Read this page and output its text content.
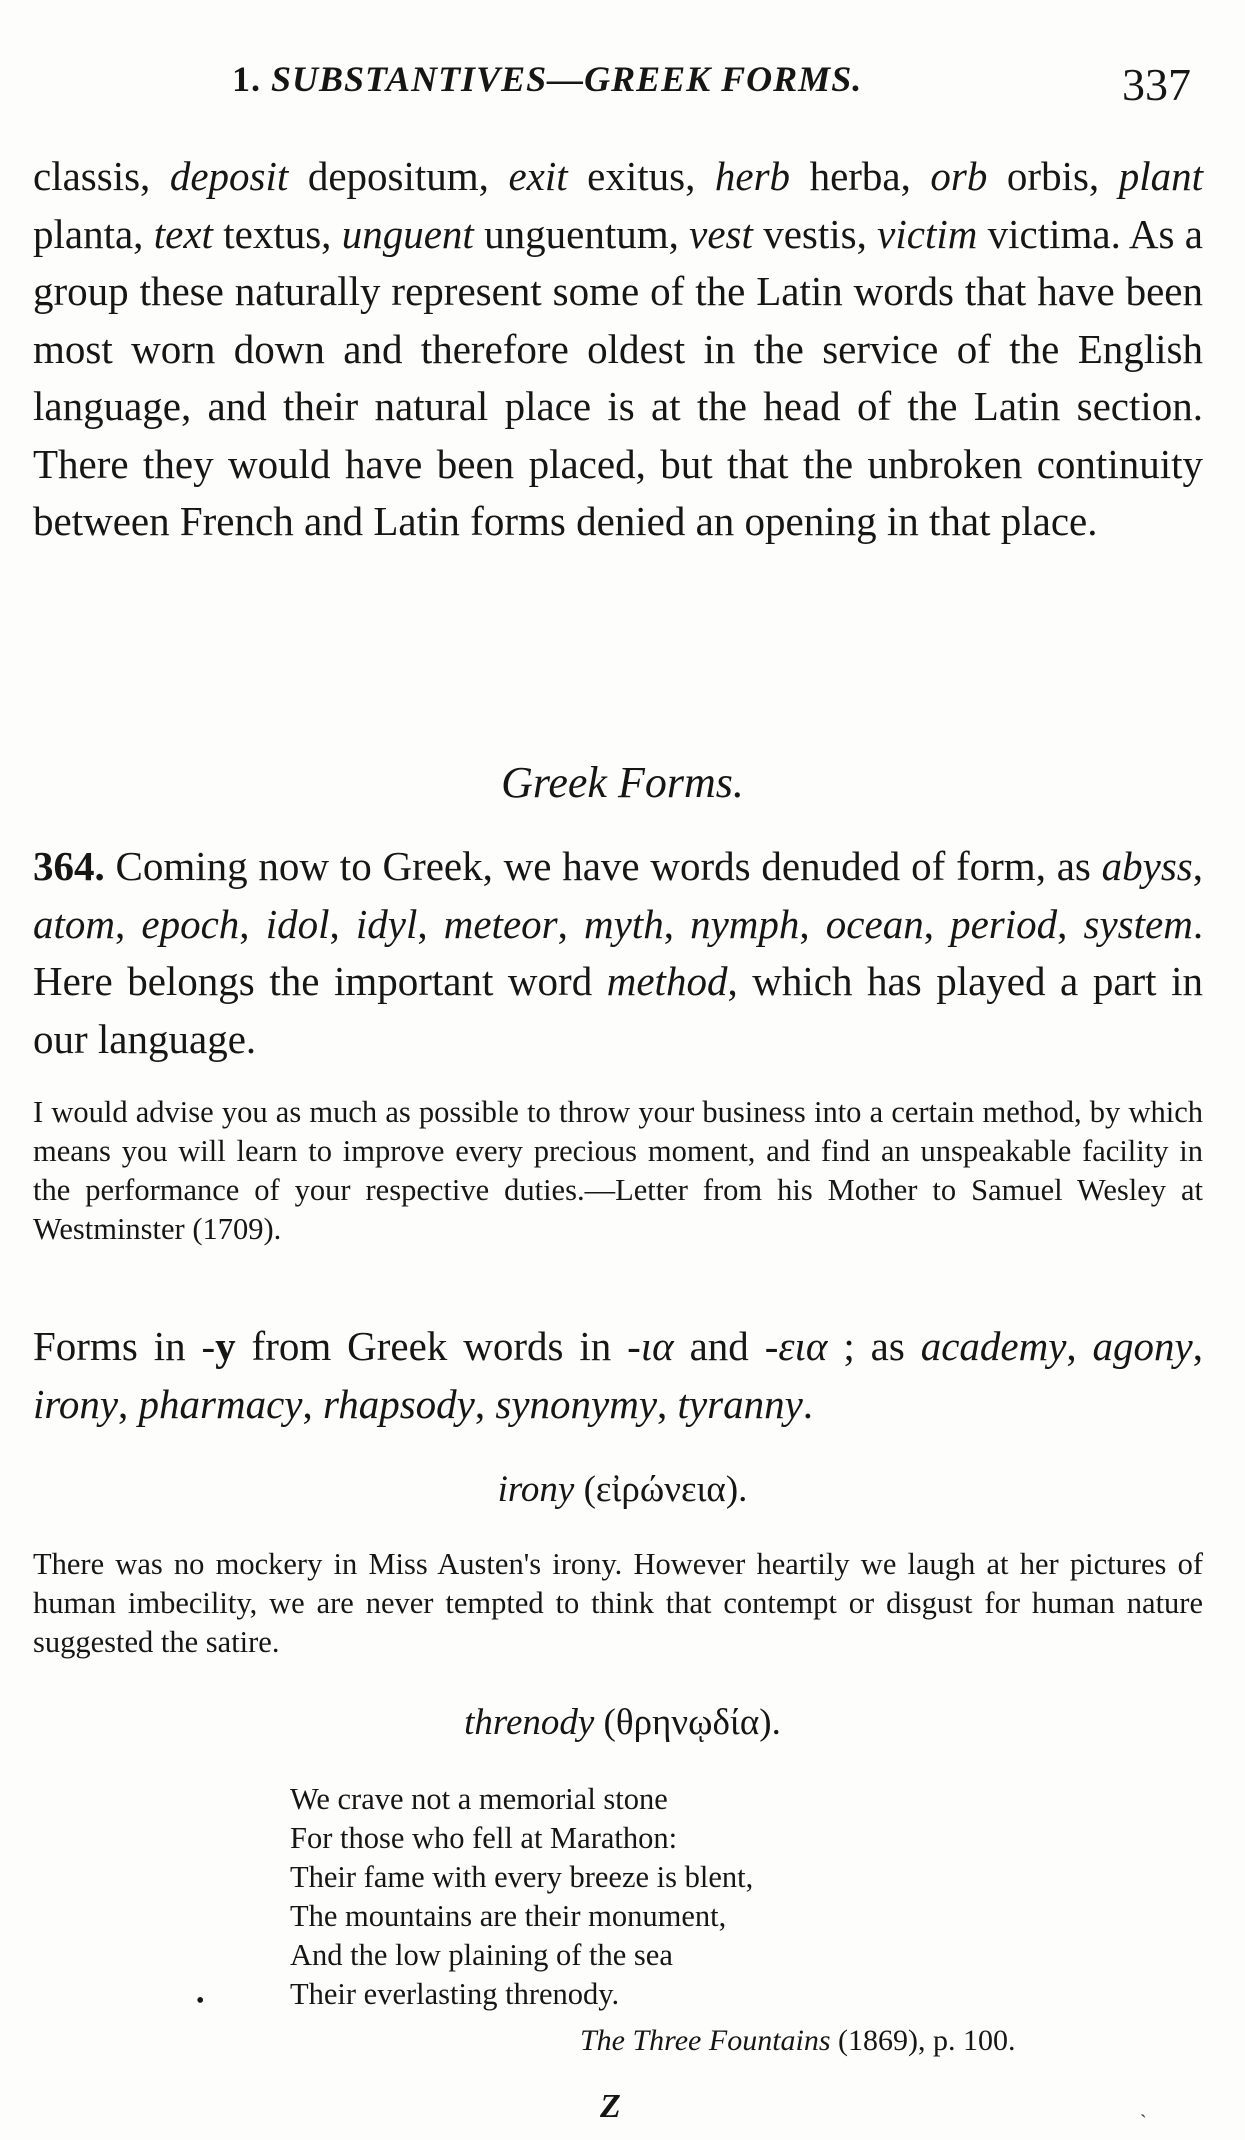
1. SUBSTANTIVES—GREEK FORMS.	337

classis, deposit depositum, exit exitus, herb herba, orb orbis, plant planta, text textus, unguent unguentum, vest vestis, victim victima. As a group these naturally represent some of the Latin words that have been most worn down and therefore oldest in the service of the English language, and their natural place is at the head of the Latin section. There they would have been placed, but that the unbroken continuity between French and Latin forms denied an opening in that place.

Greek Forms.

364. Coming now to Greek, we have words denuded of form, as abyss, atom, epoch, idol, idyl, meteor, myth, nymph, ocean, period, system. Here belongs the important word method, which has played a part in our language.

I would advise you as much as possible to throw your business into a certain method, by which means you will learn to improve every precious moment, and find an unspeakable facility in the performance of your respective duties.—Letter from his Mother to Samuel Wesley at Westminster (1709).

Forms in -y from Greek words in -ια and -εια ; as academy, agony, irony, pharmacy, rhapsody, synonymy, tyranny.

irony (εἰρώνεια).
There was no mockery in Miss Austen's irony. However heartily we laugh at her pictures of human imbecility, we are never tempted to think that contempt or disgust for human nature suggested the satire.
threnody (θρηνῳδία).
We crave not a memorial stone
For those who fell at Marathon:
Their fame with every breeze is blent,
The mountains are their monument,
And the low plaining of the sea
Their everlasting threnody.
•
The Three Fountains (1869), p. 100.
Z	ˎ
